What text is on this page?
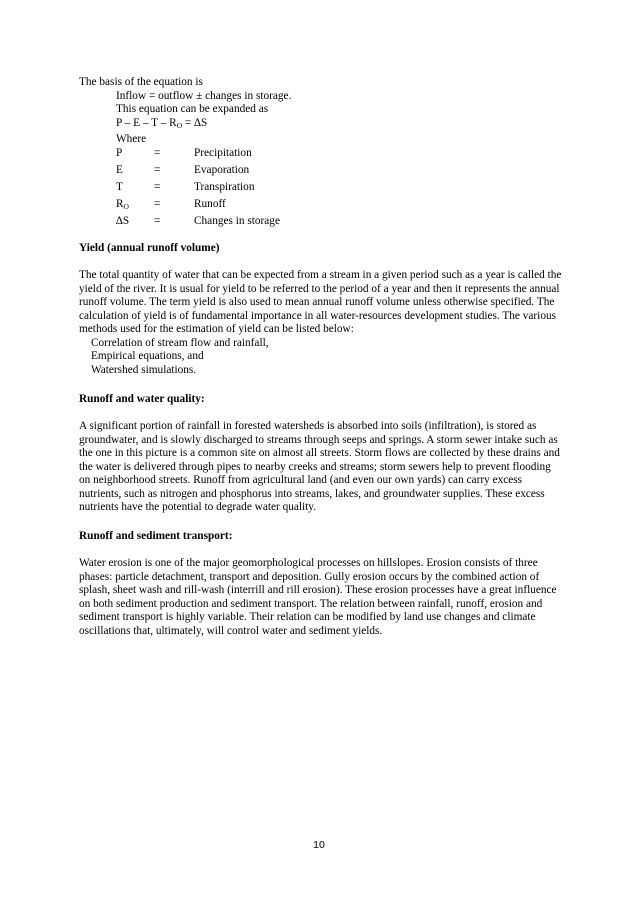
The basis of the equation is
Inflow = outflow ± changes in storage.
This equation can be expanded as
$P - E - T - R_O = \Delta S$
Where
P	=	Precipitation
E	=	Evaporation
T	=	Transpiration
$R_O$	=	Runoff
∆S	=	Changes in storage
Yield (annual runoff volume)

The total quantity of water that can be expected from a stream in a given period such as a year is called the yield of the river. It is usual for yield to be referred to the period of a year and then it represents the annual runoff volume. The term yield is also used to mean annual runoff volume unless otherwise specified. The calculation of yield is of fundamental importance in all water-resources development studies. The various methods used for the estimation of yield can be listed below:

Correlation of stream flow and rainfall,
Empirical equations, and
Watershed simulations.
Runoff and water quality:

A significant portion of rainfall in forested watersheds is absorbed into soils (infiltration), is stored as groundwater, and is slowly discharged to streams through seeps and springs. A storm sewer intake such as the one in this picture is a common site on almost all streets. Storm flows are collected by these drains and the water is delivered through pipes to nearby creeks and streams; storm sewers help to prevent flooding on neighborhood streets. Runoff from agricultural land (and even our own yards) can carry excess nutrients, such as nitrogen and phosphorus into streams, lakes, and groundwater supplies. These excess nutrients have the potential to degrade water quality.

Runoff and sediment transport:

Water erosion is one of the major geomorphological processes on hillslopes. Erosion consists of three phases: particle detachment, transport and deposition. Gully erosion occurs by the combined action of splash, sheet wash and rill-wash (interrill and rill erosion). These erosion processes have a great influence on both sediment production and sediment transport. The relation between rainfall, runoff, erosion and sediment transport is highly variable. Their relation can be modified by land use changes and climate oscillations that, ultimately, will control water and sediment yields.

10
